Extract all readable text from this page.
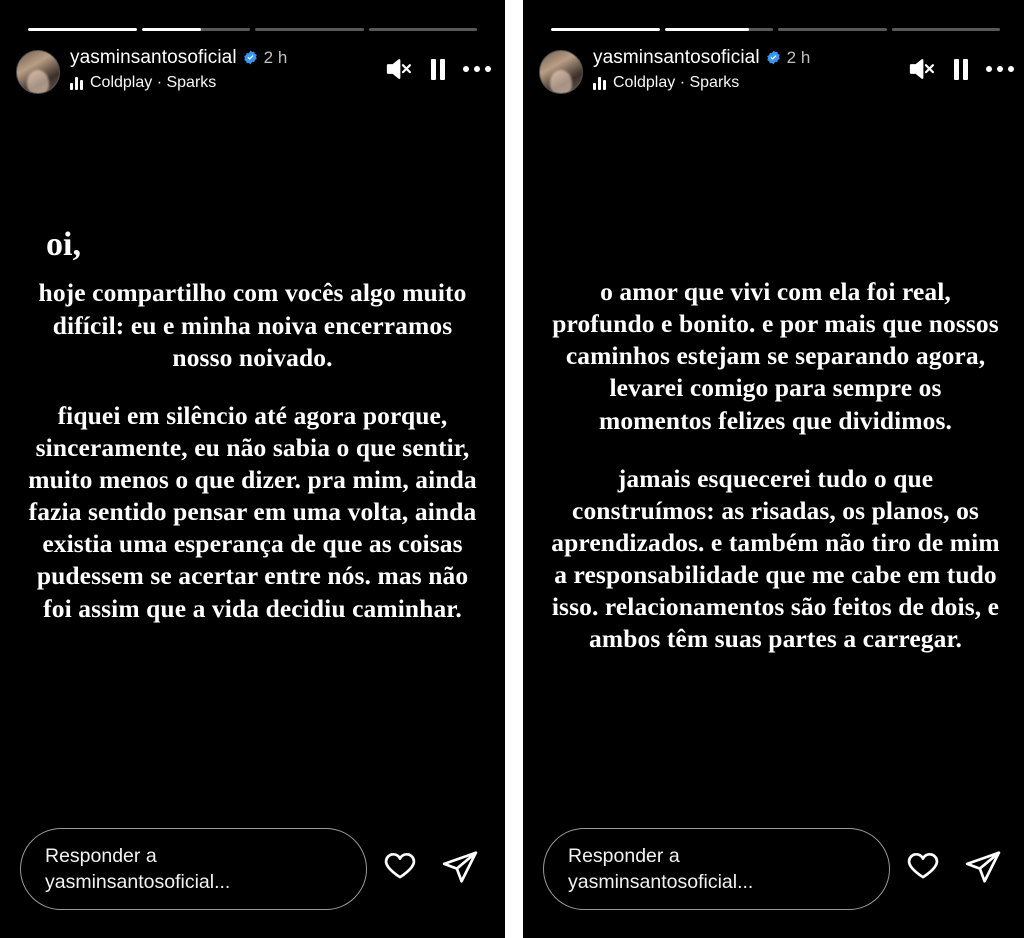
yasminsantosoficial 2 h
Coldplay · Sparks
oi,

hoje compartilho com vocês algo muito difícil: eu e minha noiva encerramos nosso noivado.

fiquei em silêncio até agora porque, sinceramente, eu não sabia o que sentir, muito menos o que dizer. pra mim, ainda fazia sentido pensar em uma volta, ainda existia uma esperança de que as coisas pudessem se acertar entre nós. mas não foi assim que a vida decidiu caminhar.

Responder a yasminsantosoficial...
yasminsantosoficial 2 h
Coldplay · Sparks

o amor que vivi com ela foi real, profundo e bonito. e por mais que nossos caminhos estejam se separando agora, levarei comigo para sempre os momentos felizes que dividimos.

jamais esquecerei tudo o que construímos: as risadas, os planos, os aprendizados. e também não tiro de mim a responsabilidade que me cabe em tudo isso. relacionamentos são feitos de dois, e ambos têm suas partes a carregar.

Responder a yasminsantosoficial...
